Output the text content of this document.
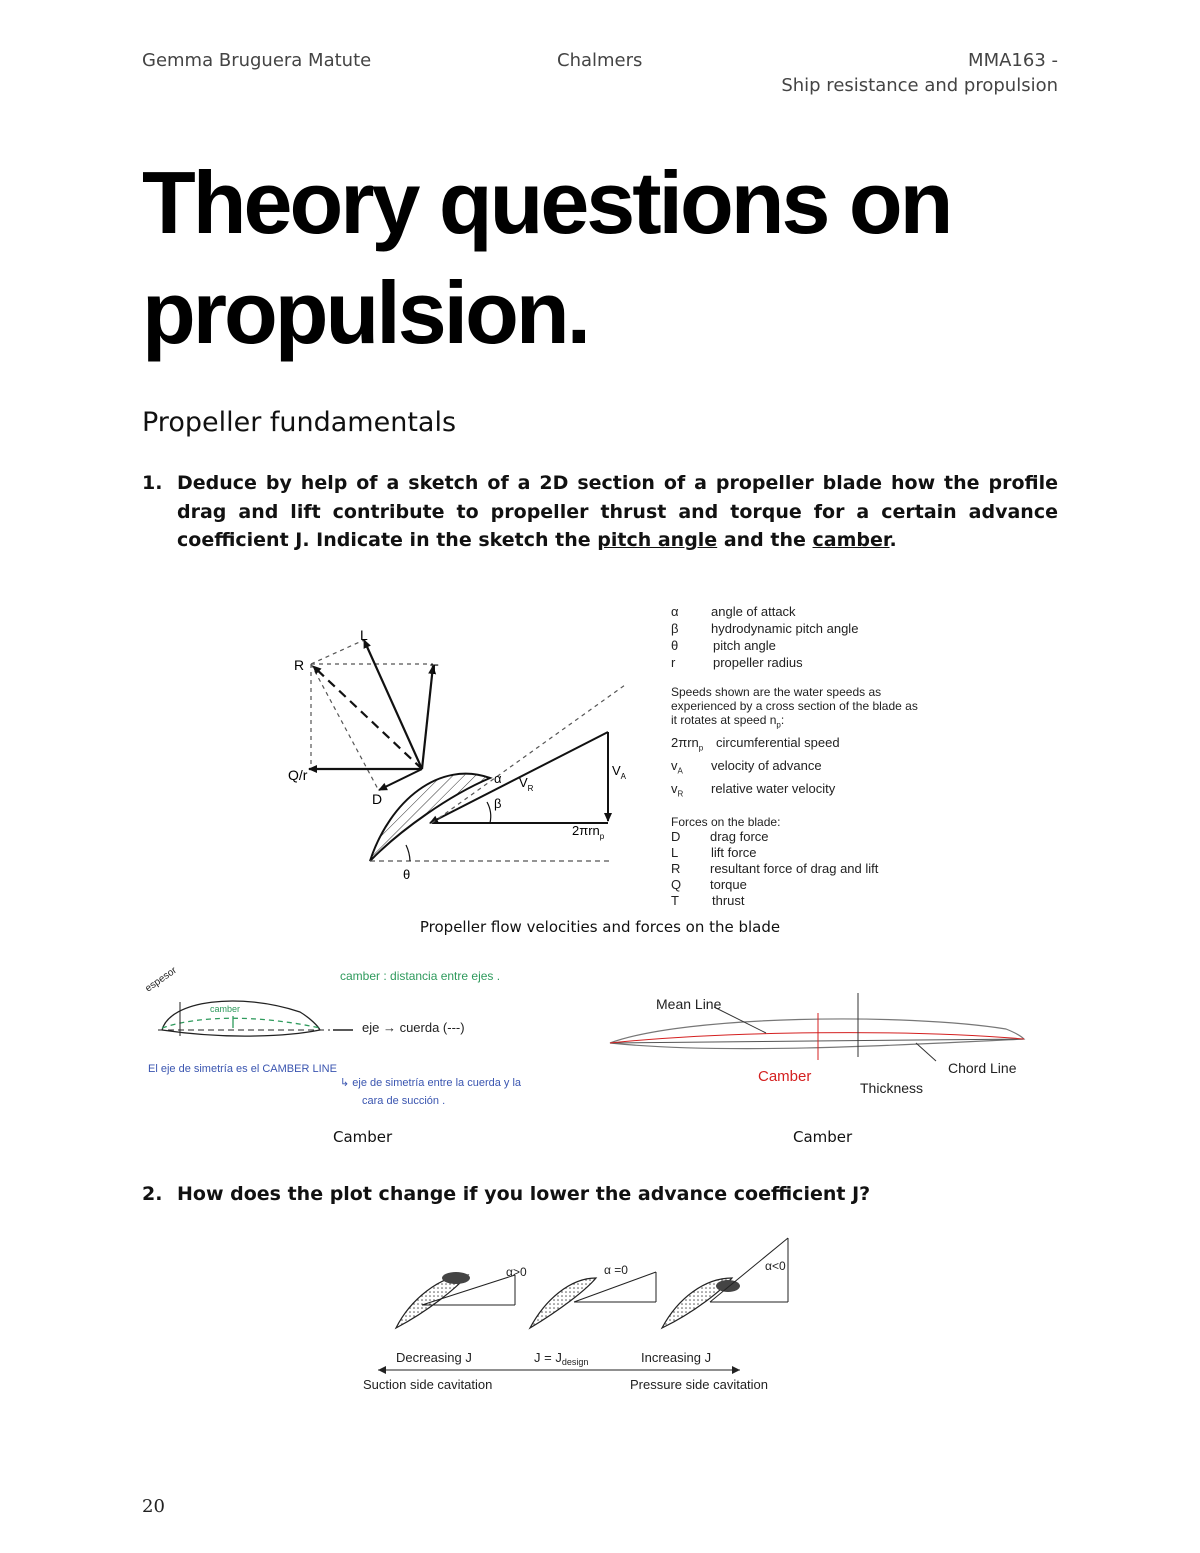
Gemma Bruguera Matute	Chalmers	MMA163 -
Ship resistance and propulsion
Theory questions on propulsion.
Propeller fundamentals
1. Deduce by help of a sketch of a 2D section of a propeller blade how the profile drag and lift contribute to propeller thrust and torque for a certain advance coefficient J. Indicate in the sketch the pitch angle and the camber.
L
R	T
Q/r
D
α $V_R$
β
$V_A$
2πrn$_p$
θ
α angle of attack
β	hydrodynamic pitch angle
θ	pitch angle
r	propeller radius
Speeds shown are the water speeds as experienced by a cross section of the blade as it rotates at speed $n_p$:
2πrn$_p$ circumferential speed
$v_A$ velocity of advance
$v_R$ relative water velocity
Forces on the blade:
D drag force
L	lift force
R resultant force of drag and lift
Q torque
T	thrust
Propeller flow velocities and forces on the blade
espesor
camber
eje → cuerda (---)
camber : distancia entre ejes .
El eje de simetría es el CAMBER LINE
↳ eje de simetría entre la cuerda y la
cara de succión .
Mean Line
Camber
Thickness
Chord Line
Camber	Camber
2. How does the plot change if you lower the advance coefficient J?
α>0	α =0	α<0
Decreasing J	$J = J_{design}$	Increasing J
Suction side cavitation	Pressure side cavitation
20
